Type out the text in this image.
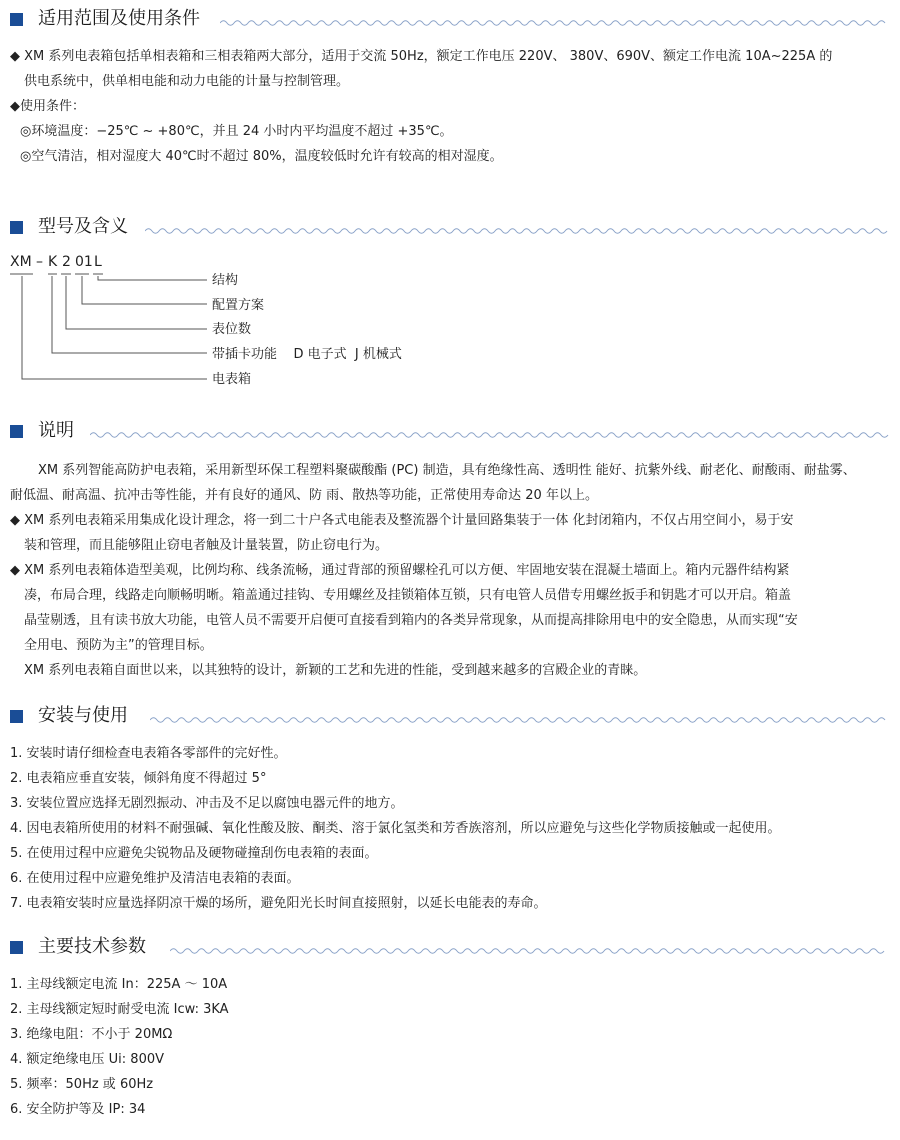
适用范围及使用条件
◆ XM 系列电表箱包括单相表箱和三相表箱两大部分，适用于交流 50Hz，额定工作电压 220V、 380V、690V、额定工作电流 10A~225A 的
供电系统中，供单相电能和动力电能的计量与控制管理。
◆使用条件：
◎环境温度：−25℃ ~ +80℃，并且 24 小时内平均温度不超过 +35℃。
◎空气清洁，相对湿度大 40℃时不超过 80%，温度较低时允许有较高的相对湿度。
型号及含义
XM – K 2 01 L
结构
配置方案
表位数
带插卡功能    D 电子式  J 机械式
电表箱
说明
XM 系列智能高防护电表箱，采用新型环保工程塑料聚碳酸酯 (PC) 制造，具有绝缘性高、透明性 能好、抗紫外线、耐老化、耐酸雨、耐盐雾、
耐低温、耐高温、抗冲击等性能，并有良好的通风、防 雨、散热等功能，正常使用寿命达 20 年以上。
◆ XM 系列电表箱采用集成化设计理念，将一到二十户各式电能表及整流器个计量回路集装于一体 化封闭箱内，不仅占用空间小，易于安
装和管理，而且能够阻止窃电者触及计量装置，防止窃电行为。
◆ XM 系列电表箱体造型美观，比例均称、线条流畅，通过背部的预留螺栓孔可以方便、牢固地安装在混凝土墙面上。箱内元器件结构紧
凑，布局合理，线路走向顺畅明晰。箱盖通过挂钩、专用螺丝及挂锁箱体互锁，只有电管人员借专用螺丝扳手和钥匙才可以开启。箱盖
晶莹剔透，且有读书放大功能，电管人员不需要开启便可直接看到箱内的各类异常现象，从而提高排除用电中的安全隐患，从而实现“安
全用电、预防为主”的管理目标。
XM 系列电表箱自面世以来，以其独特的设计，新颖的工艺和先进的性能，受到越来越多的宫殿企业的青睐。
安装与使用
1. 安装时请仔细检查电表箱各零部件的完好性。
2. 电表箱应垂直安装，倾斜角度不得超过 5°
3. 安装位置应选择无剧烈振动、冲击及不足以腐蚀电器元件的地方。
4. 因电表箱所使用的材料不耐强碱、氧化性酸及胺、酮类、溶于氯化氢类和芳香族溶剂，所以应避免与这些化学物质接触或一起使用。
5. 在使用过程中应避免尖锐物品及硬物碰撞刮伤电表箱的表面。
6. 在使用过程中应避免维护及清洁电表箱的表面。
7. 电表箱安装时应量选择阴凉干燥的场所，避免阳光长时间直接照射，以延长电能表的寿命。
主要技术参数
1. 主母线额定电流 In：225A ～ 10A
2. 主母线额定短时耐受电流 Icw: 3KA
3. 绝缘电阻：不小于 20MΩ
4. 额定绝缘电压 Ui: 800V
5. 频率：50Hz 或 60Hz
6. 安全防护等及 IP: 34
